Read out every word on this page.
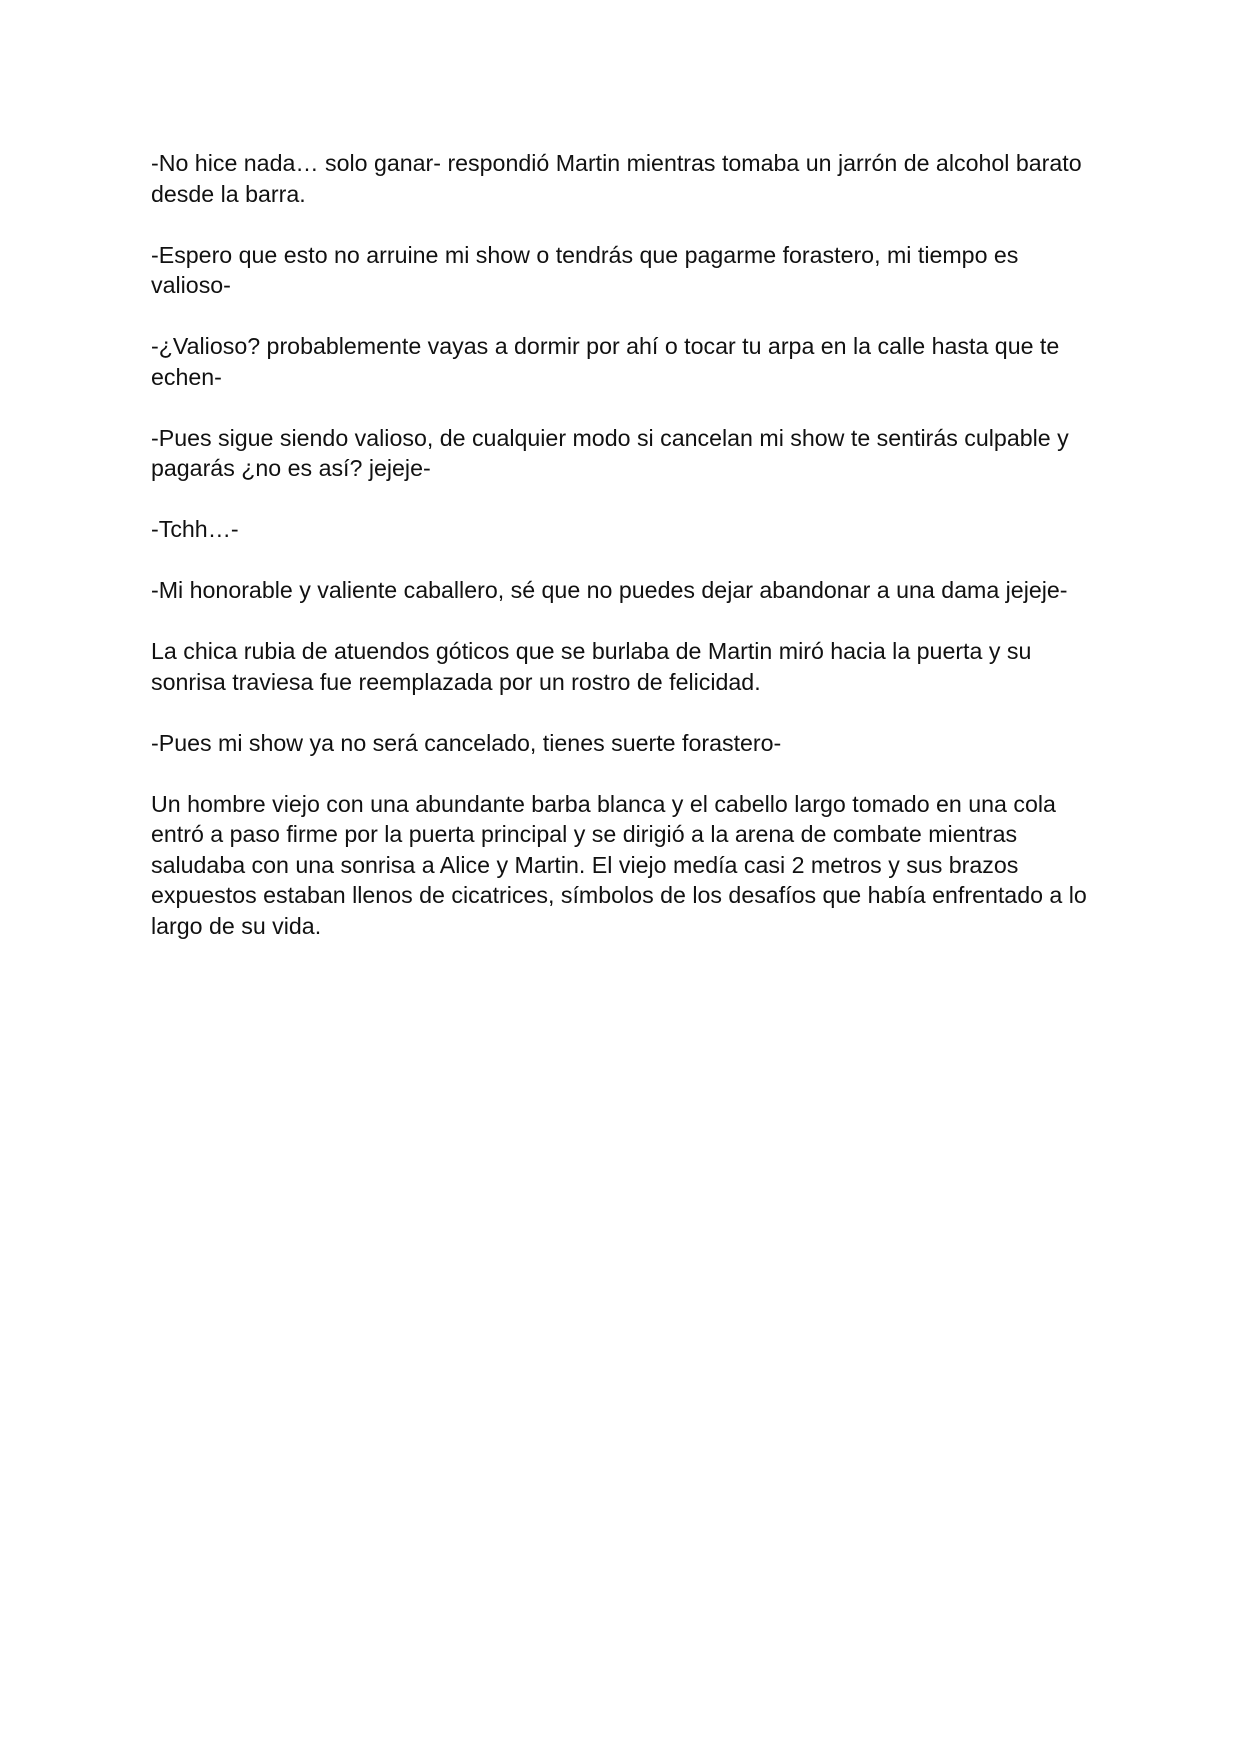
-No hice nada… solo ganar- respondió Martin mientras tomaba un jarrón de alcohol barato desde la barra.

-Espero que esto no arruine mi show o tendrás que pagarme forastero, mi tiempo es valioso-

-¿Valioso? probablemente vayas a dormir por ahí o tocar tu arpa en la calle hasta que te echen-

-Pues sigue siendo valioso, de cualquier modo si cancelan mi show te sentirás culpable y pagarás ¿no es así? jejeje-

-Tchh…-

-Mi honorable y valiente caballero, sé que no puedes dejar abandonar a una dama jejeje-

La chica rubia de atuendos góticos que se burlaba de Martin miró hacia la puerta y su sonrisa traviesa fue reemplazada por un rostro de felicidad.

-Pues mi show ya no será cancelado, tienes suerte forastero-

Un hombre viejo con una abundante barba blanca y el cabello largo tomado en una cola entró a paso firme por la puerta principal y se dirigió a la arena de combate mientras saludaba con una sonrisa a Alice y Martin. El viejo medía casi 2 metros y sus brazos expuestos estaban llenos de cicatrices, símbolos de los desafíos que había enfrentado a lo largo de su vida.
